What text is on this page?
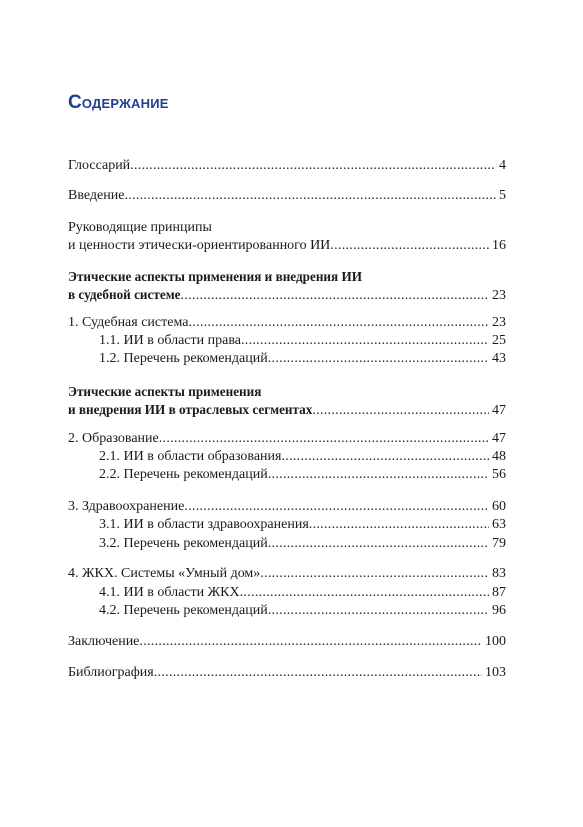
Содержание
Глоссарий .....	4
Введение .....	5
Руководящие принципы
и ценности этически-ориентированного ИИ .....	16
Этические аспекты применения и внедрения ИИ
в судебной системе .....	23
1. Судебная система .....	23
1.1. ИИ в области права .....	25
1.2. Перечень рекомендаций .....	43
Этические аспекты применения
и внедрения ИИ в отраслевых сегментах .....	47
2. Образование .....	47
2.1. ИИ в области образования .....	48
2.2. Перечень рекомендаций .....	56
3. Здравоохранение .....	60
3.1. ИИ в области здравоохранения .....	63
3.2. Перечень рекомендаций .....	79
4. ЖКХ. Системы «Умный дом» .....	83
4.1. ИИ в области ЖКХ .....	87
4.2. Перечень рекомендаций .....	96
Заключение .....	100
Библиография .....	103
